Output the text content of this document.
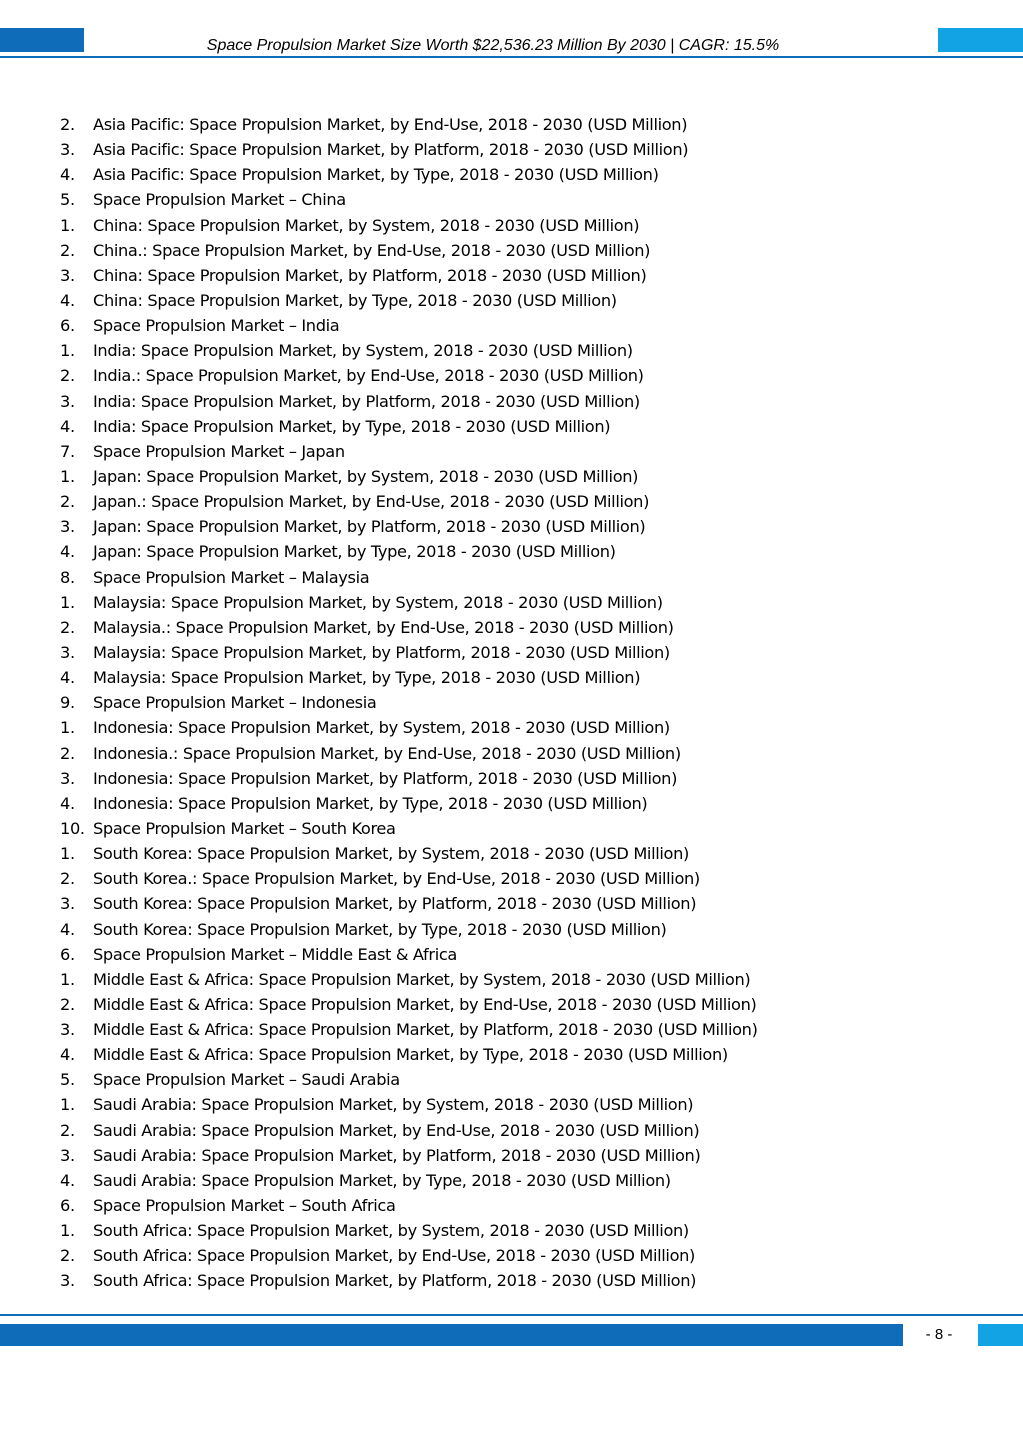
Space Propulsion Market Size Worth $22,536.23 Million By 2030 | CAGR: 15.5%
2.	Asia Pacific: Space Propulsion Market, by End-Use, 2018 - 2030 (USD Million)
3.	Asia Pacific: Space Propulsion Market, by Platform, 2018 - 2030 (USD Million)
4.	Asia Pacific: Space Propulsion Market, by Type, 2018 - 2030 (USD Million)
5.	Space Propulsion Market – China
1.	China: Space Propulsion Market, by System, 2018 - 2030 (USD Million)
2.	China.: Space Propulsion Market, by End-Use, 2018 - 2030 (USD Million)
3.	China: Space Propulsion Market, by Platform, 2018 - 2030 (USD Million)
4.	China: Space Propulsion Market, by Type, 2018 - 2030 (USD Million)
6.	Space Propulsion Market – India
1.	India: Space Propulsion Market, by System, 2018 - 2030 (USD Million)
2.	India.: Space Propulsion Market, by End-Use, 2018 - 2030 (USD Million)
3.	India: Space Propulsion Market, by Platform, 2018 - 2030 (USD Million)
4.	India: Space Propulsion Market, by Type, 2018 - 2030 (USD Million)
7.	Space Propulsion Market – Japan
1.	Japan: Space Propulsion Market, by System, 2018 - 2030 (USD Million)
2.	Japan.: Space Propulsion Market, by End-Use, 2018 - 2030 (USD Million)
3.	Japan: Space Propulsion Market, by Platform, 2018 - 2030 (USD Million)
4.	Japan: Space Propulsion Market, by Type, 2018 - 2030 (USD Million)
8.	Space Propulsion Market – Malaysia
1.	Malaysia: Space Propulsion Market, by System, 2018 - 2030 (USD Million)
2.	Malaysia.: Space Propulsion Market, by End-Use, 2018 - 2030 (USD Million)
3.	Malaysia: Space Propulsion Market, by Platform, 2018 - 2030 (USD Million)
4.	Malaysia: Space Propulsion Market, by Type, 2018 - 2030 (USD Million)
9.	Space Propulsion Market – Indonesia
1.	Indonesia: Space Propulsion Market, by System, 2018 - 2030 (USD Million)
2.	Indonesia.: Space Propulsion Market, by End-Use, 2018 - 2030 (USD Million)
3.	Indonesia: Space Propulsion Market, by Platform, 2018 - 2030 (USD Million)
4.	Indonesia: Space Propulsion Market, by Type, 2018 - 2030 (USD Million)
10. Space Propulsion Market – South Korea
1.	South Korea: Space Propulsion Market, by System, 2018 - 2030 (USD Million)
2.	South Korea.: Space Propulsion Market, by End-Use, 2018 - 2030 (USD Million)
3.	South Korea: Space Propulsion Market, by Platform, 2018 - 2030 (USD Million)
4.	South Korea: Space Propulsion Market, by Type, 2018 - 2030 (USD Million)
6.	Space Propulsion Market – Middle East & Africa
1.	Middle East & Africa: Space Propulsion Market, by System, 2018 - 2030 (USD Million)
2.	Middle East & Africa: Space Propulsion Market, by End-Use, 2018 - 2030 (USD Million)
3.	Middle East & Africa: Space Propulsion Market, by Platform, 2018 - 2030 (USD Million)
4.	Middle East & Africa: Space Propulsion Market, by Type, 2018 - 2030 (USD Million)
5.	Space Propulsion Market – Saudi Arabia
1.	Saudi Arabia: Space Propulsion Market, by System, 2018 - 2030 (USD Million)
2.	Saudi Arabia: Space Propulsion Market, by End-Use, 2018 - 2030 (USD Million)
3.	Saudi Arabia: Space Propulsion Market, by Platform, 2018 - 2030 (USD Million)
4.	Saudi Arabia: Space Propulsion Market, by Type, 2018 - 2030 (USD Million)
6.	Space Propulsion Market – South Africa
1.	South Africa: Space Propulsion Market, by System, 2018 - 2030 (USD Million)
2.	South Africa: Space Propulsion Market, by End-Use, 2018 - 2030 (USD Million)
3.	South Africa: Space Propulsion Market, by Platform, 2018 - 2030 (USD Million)
- 8 -
